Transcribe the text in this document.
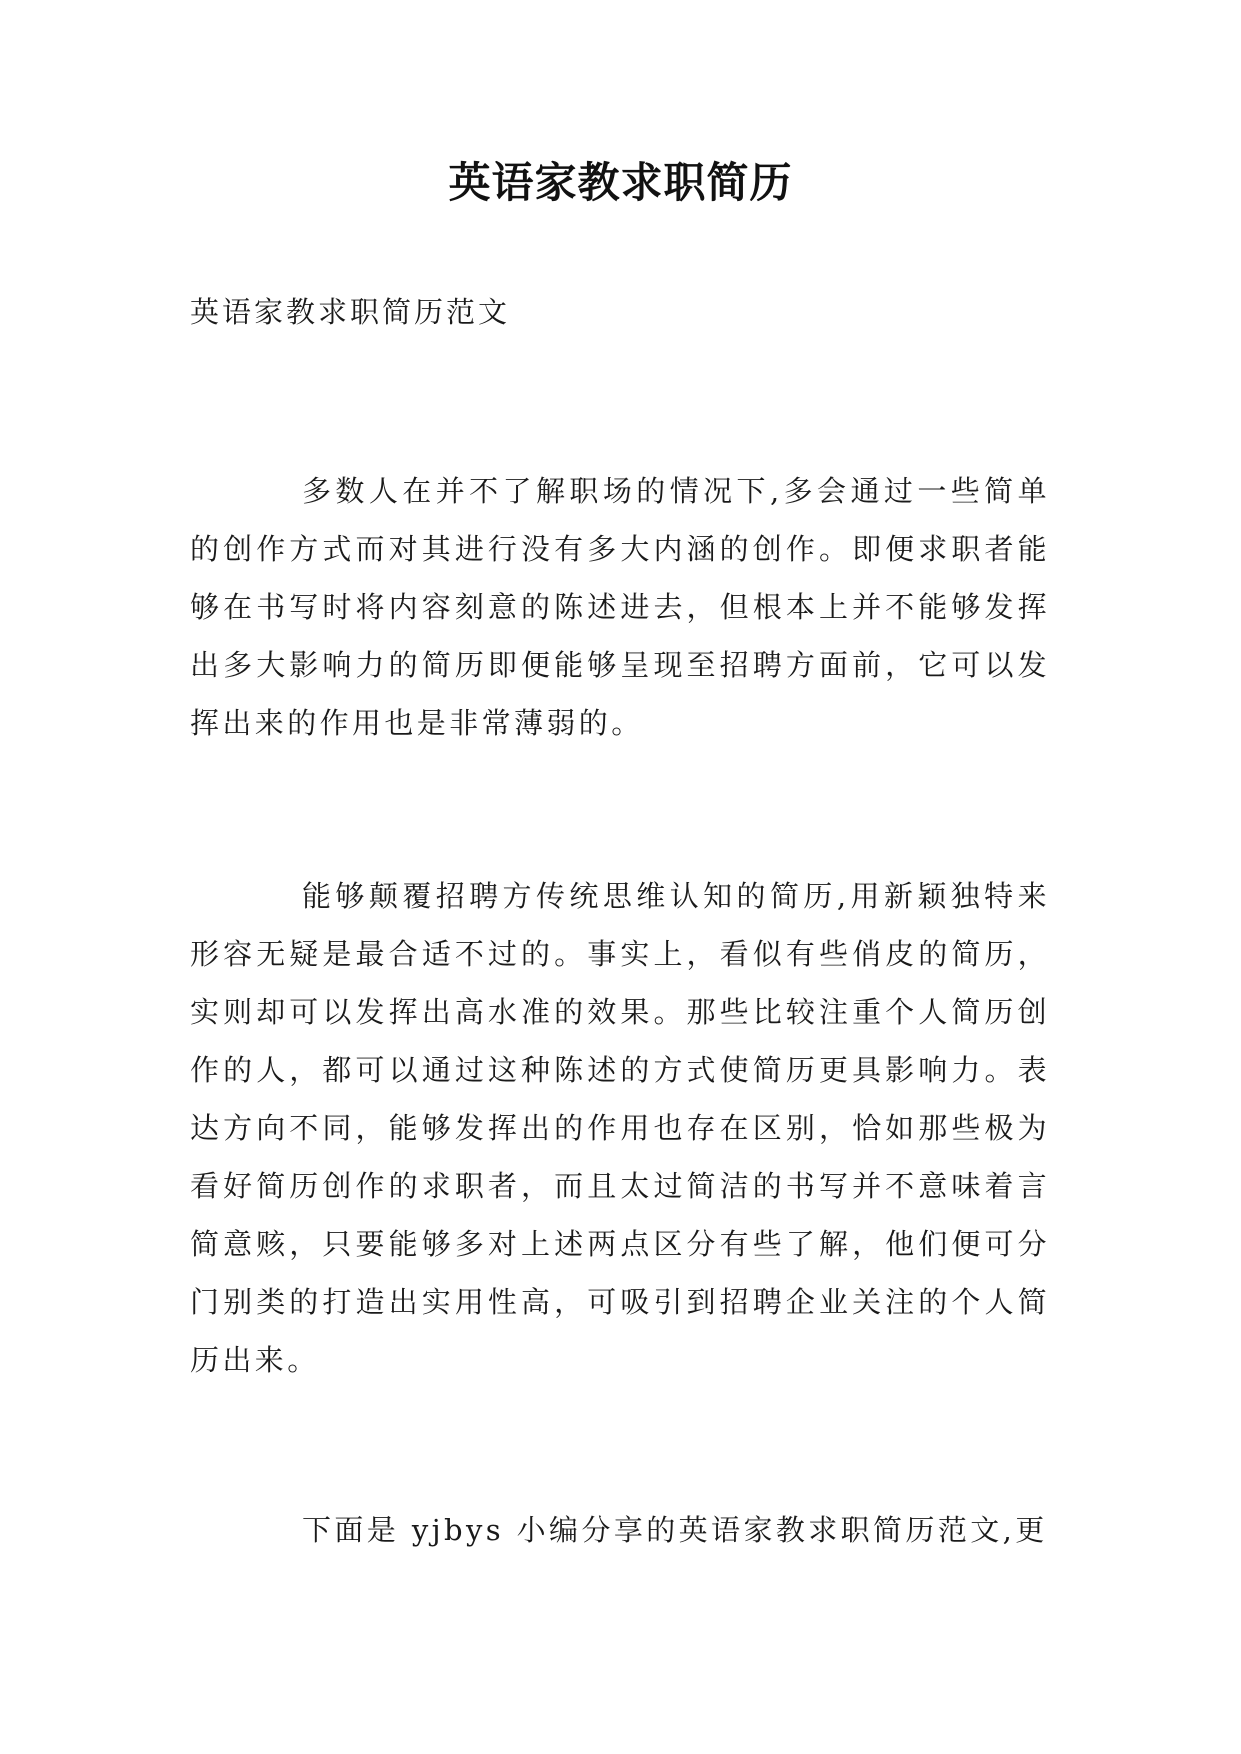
英语家教求职简历
英语家教求职简历范文
多数人在并不了解职场的情况下,多会通过一些简单的创作方式而对其进行没有多大内涵的创作。即便求职者能够在书写时将内容刻意的陈述进去，但根本上并不能够发挥出多大影响力的简历即便能够呈现至招聘方面前，它可以发挥出来的作用也是非常薄弱的。
能够颠覆招聘方传统思维认知的简历,用新颖独特来形容无疑是最合适不过的。事实上，看似有些俏皮的简历，实则却可以发挥出高水准的效果。那些比较注重个人简历创作的人，都可以通过这种陈述的方式使简历更具影响力。表达方向不同，能够发挥出的作用也存在区别，恰如那些极为看好简历创作的求职者，而且太过简洁的书写并不意味着言简意赅，只要能够多对上述两点区分有些了解，他们便可分门别类的打造出实用性高，可吸引到招聘企业关注的个人简历出来。
下面是 yjbys 小编分享的英语家教求职简历范文,更
